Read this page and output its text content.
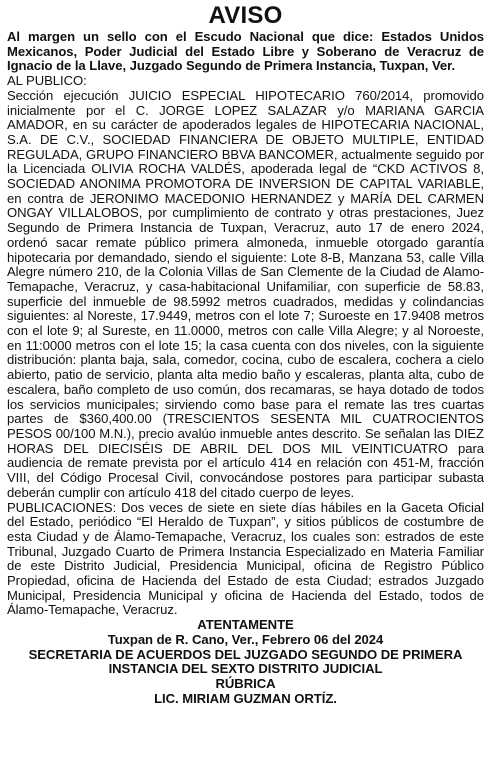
AVISO

Al margen un sello con el Escudo Nacional que dice: Estados Unidos Mexicanos, Poder Judicial del Estado Libre y Soberano de Veracruz de Ignacio de la Llave, Juzgado Segundo de Primera Instancia, Tuxpan, Ver.

AL PUBLICO:

Sección ejecución JUICIO ESPECIAL HIPOTECARIO 760/2014, promovido inicialmente por el C. JORGE LOPEZ SALAZAR y/o MARIANA GARCIA AMADOR, en su carácter de apoderados legales de HIPOTECARIA NACIONAL, S.A. DE C.V., SOCIEDAD FINANCIERA DE OBJETO MULTIPLE, ENTIDAD REGULADA, GRUPO FINANCIERO BBVA BANCOMER, actualmente seguido por la Licenciada OLIVIA ROCHA VALDÉS, apoderada legal de “CKD ACTIVOS 8, SOCIEDAD ANONIMA PROMOTORA DE INVERSION DE CAPITAL VARIABLE, en contra de JERONIMO MACEDONIO HERNANDEZ y MARÍA DEL CARMEN ONGAY VILLALOBOS, por cumplimiento de contrato y otras prestaciones, Juez Segundo de Primera Instancia de Tuxpan, Veracruz, auto 17 de enero 2024, ordenó sacar remate público primera almoneda, inmueble otorgado garantía hipotecaria por demandado, siendo el siguiente: Lote 8-B, Manzana 53, calle Villa Alegre número 210, de la Colonia Villas de San Clemente de la Ciudad de Alamo-Temapache, Veracruz, y casa-habitacional Unifamiliar, con superficie de 58.83, superficie del inmueble de 98.5992 metros cuadrados, medidas y colindancias siguientes: al Noreste, 17.9449, metros con el lote 7; Suroeste en 17.9408 metros con el lote 9; al Sureste, en 11.0000, metros con calle Villa Alegre; y al Noroeste, en 11:0000 metros con el lote 15; la casa cuenta con dos niveles, con la siguiente distribución: planta baja, sala, comedor, cocina, cubo de escalera, cochera a cielo abierto, patio de servicio, planta alta medio baño y escaleras, planta alta, cubo de escalera, baño completo de uso común, dos recamaras, se haya dotado de todos los servicios municipales; sirviendo como base para el remate las tres cuartas partes de $360,400.00 (TRESCIENTOS SESENTA MIL CUATROCIENTOS PESOS 00/100 M.N.), precio avalúo inmueble antes descrito. Se señalan las DIEZ HORAS DEL DIECISÉIS DE ABRIL DEL DOS MIL VEINTICUATRO para audiencia de remate prevista por el artículo 414 en relación con 451-M, fracción VIII, del Código Procesal Civil, convocándose postores para participar subasta deberán cumplir con artículo 418 del citado cuerpo de leyes.

PUBLICACIONES: Dos veces de siete en siete días hábiles en la Gaceta Oficial del Estado, periódico “El Heraldo de Tuxpan”, y sitios públicos de costumbre de esta Ciudad y de Álamo-Temapache, Veracruz, los cuales son: estrados de este Tribunal, Juzgado Cuarto de Primera Instancia Especializado en Materia Familiar de este Distrito Judicial, Presidencia Municipal, oficina de Registro Público Propiedad, oficina de Hacienda del Estado de esta Ciudad; estrados Juzgado Municipal, Presidencia Municipal y oficina de Hacienda del Estado, todos de Álamo-Temapache, Veracruz.

ATENTAMENTE
Tuxpan de R. Cano, Ver., Febrero 06 del 2024
SECRETARIA DE ACUERDOS DEL JUZGADO SEGUNDO DE PRIMERA
INSTANCIA DEL SEXTO DISTRITO JUDICIAL
RÚBRICA
LIC. MIRIAM GUZMAN ORTÍZ.
